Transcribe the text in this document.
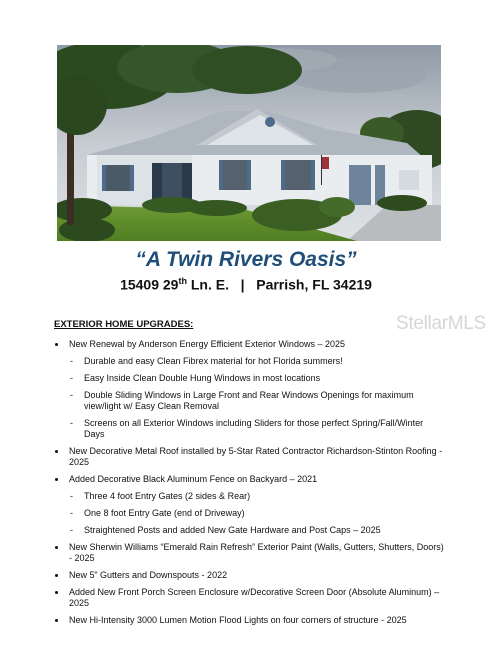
“A Twin Rivers Oasis”

15409 29th Ln. E. | Parrish, FL 34219

StellarMLS

EXTERIOR HOME UPGRADES:

New Renewal by Anderson Energy Efficient Exterior Windows – 2025
- Durable and easy Clean Fibrex material for hot Florida summers!
- Easy Inside Clean Double Hung Windows in most locations
- Double Sliding Windows in Large Front and Rear Windows Openings for maximum view/light w/ Easy Clean Removal
- Screens on all Exterior Windows including Sliders for those perfect Spring/Fall/Winter Days
New Decorative Metal Roof installed by 5-Star Rated Contractor Richardson-Stinton Roofing - 2025
Added Decorative Black Aluminum Fence on Backyard – 2021
- Three 4 foot Entry Gates (2 sides & Rear)
- One 8 foot Entry Gate (end of Driveway)
- Straightened Posts and added New Gate Hardware and Post Caps – 2025
New Sherwin Williams “Emerald Rain Refresh” Exterior Paint (Walls, Gutters, Shutters, Doors) - 2025
New 5” Gutters and Downspouts - 2022
Added New Front Porch Screen Enclosure w/Decorative Screen Door (Absolute Aluminum) – 2025
New Hi-Intensity 3000 Lumen Motion Flood Lights on four corners of structure - 2025
